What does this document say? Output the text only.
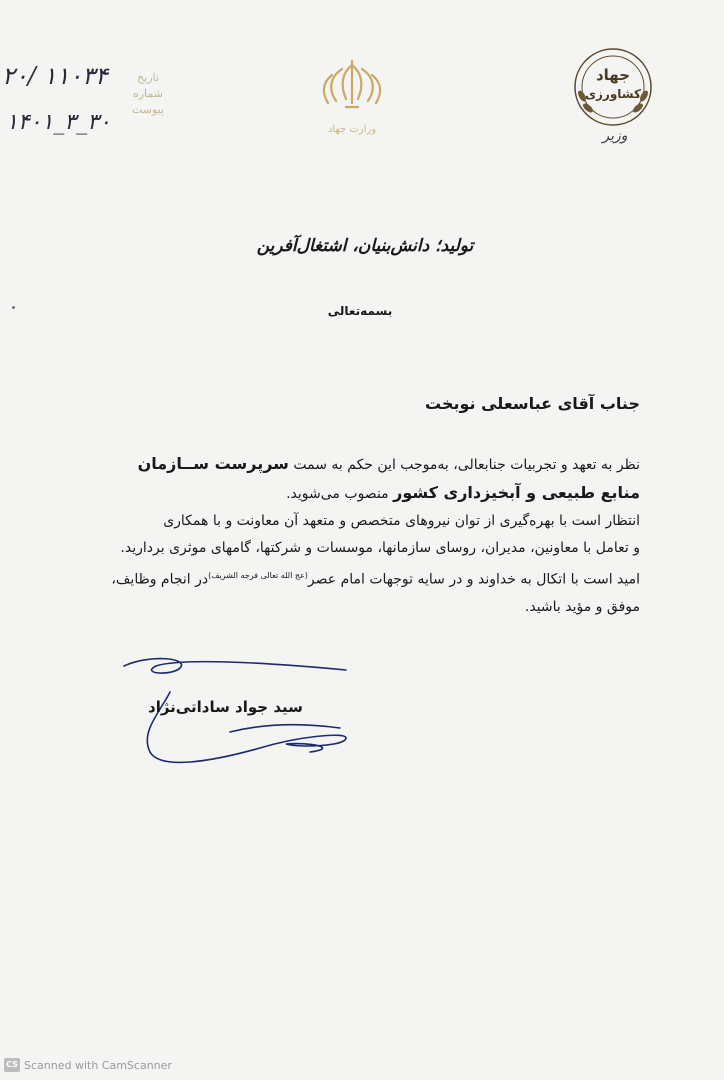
۲۰/ ۱۱۰۳۴
۱۴۰۱_۳_۳۰
تاریخ
شماره
پیوست
وزارت جهاد
جهاد
کشاورزی
وزیر
تولید؛ دانش‌بنیان، اشتغال‌آفرین
بسمه‌تعالی
جناب آقای عباسعلی نوبخت

نظر به تعهد و تجربیات جنابعالی، به‌موجب این حکم به سمت سرپرست ســازمان
منابع طبیعی و آبخیزداری کشور منصوب می‌شوید.

انتظار است با بهره‌گیری از توان نیروهای متخصص و متعهد آن معاونت و با همکاری
و تعامل با معاونین، مدیران، روسای سازمانها، موسسات و شرکتها، گامهای موثری بردارید.

امید است با اتکال به خداوند و در سایه توجهات امام عصر$^{(عج الله تعالی فرجه الشریف)}$در انجام وظایف،
موفق و مؤید باشید.

سید جواد ساداتی‌نژاد
CS Scanned with CamScanner
